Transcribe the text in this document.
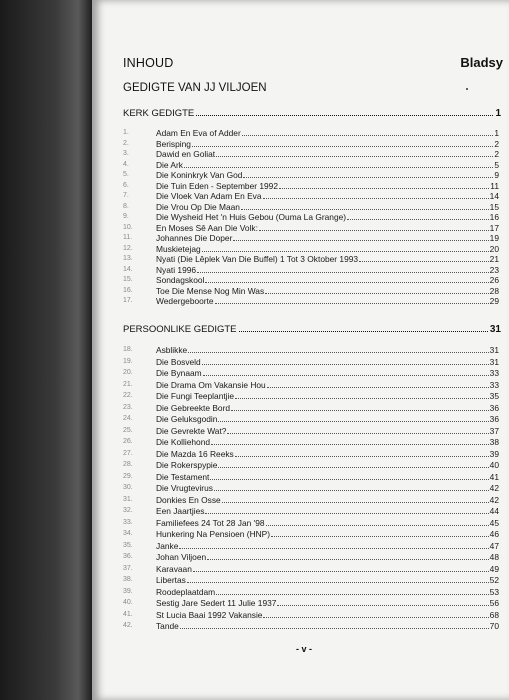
INHOUD	Bladsy
GEDIGTE VAN JJ VILJOEN
KERK GEDIGTE	1
1.	Adam En Eva of Adder	1
2.	Berisping	2
3.	Dawid en Goliat	2
4.	Die Ark	5
5.	Die Koninkryk Van God	9
6.	Die Tuin Eden - September 1992	11
7.	Die Vloek Van Adam En Eva	14
8.	Die Vrou Op Die Maan	15
9.	Die Wysheid Het 'n Huis Gebou (Ouma La Grange)	16
10.	En Moses Sê Aan Die Volk:	17
11.	Johannes Die Doper	19
12.	Muskietejag	20
13.	Nyati (Die Lêplek Van Die Buffel) 1 Tot 3 Oktober 1993	21
14.	Nyati 1996	23
15.	Sondagskool	26
16.	Toe Die Mense Nog Min Was	28
17.	Wedergeboorte	29
PERSOONLIKE GEDIGTE	31
18.	Asblikke	31
19.	Die Bosveld	31
20.	Die Bynaam	33
21.	Die Drama Om Vakansie Hou	33
22.	Die Fungi Teeplantjie	35
23.	Die Gebreekte Bord	36
24.	Die Geluksgodin	36
25.	Die Gevrekte Wat?	37
26.	Die Kolliehond	38
27.	Die Mazda 16 Reeks	39
28.	Die Rokerspypie	40
29.	Die Testament	41
30.	Die Vrugtevirus	42
31.	Donkies En Osse	42
32.	Een Jaartjies	44
33.	Familiefees 24 Tot 28 Jan '98	45
34.	Hunkering Na Pensioen (HNP)	46
35.	Janke	47
36.	Johan Viljoen	48
37.	Karavaan	49
38.	Libertas	52
39.	Roodeplaatdam	53
40.	Sestig Jare Sedert 11 Julie 1937	56
41.	St Lucia Baai 1992 Vakansie	68
42.	Tande	70
- v -
